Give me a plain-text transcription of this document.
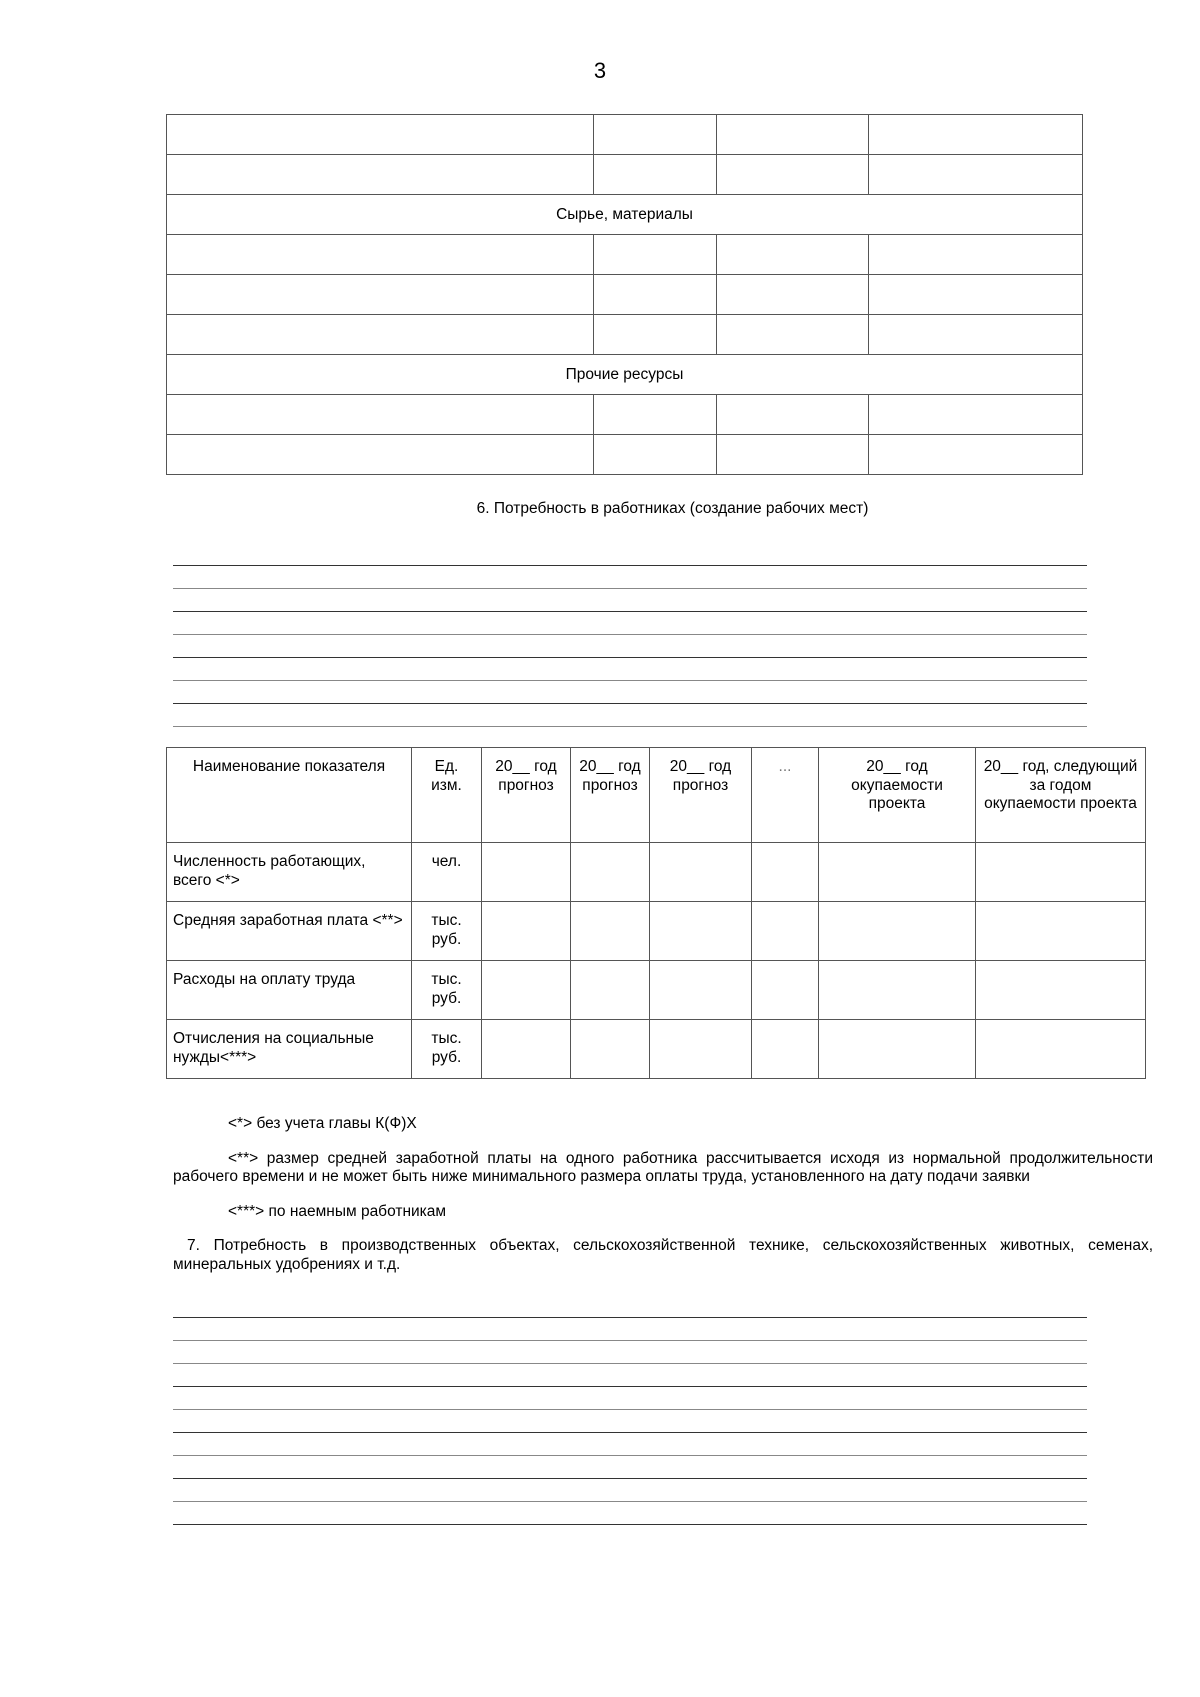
3

Сырье, материалы			

Прочие ресурсы			

6. Потребность в работниках (создание рабочих мест)
Наименование показателя	Ед. изм.	20__ год прогноз	20__ год прогноз	20__ год прогноз	...	20__ год окупаемости проекта	20__ год, следующий за годом окупаемости проекта
Численность работающих, всего <*>	чел.						
Средняя заработная плата <**>	тыс. руб.						
Расходы на оплату труда	тыс. руб.						
Отчисления на социальные нужды<***>	тыс. руб.						

<*> без учета главы К(Ф)Х

<**> размер средней заработной платы на одного работника рассчитывается исходя из нормальной продолжительности рабочего времени и не может быть ниже минимального размера оплаты труда, установленного на дату подачи заявки

<***> по наемным работникам

7. Потребность в производственных объектах, сельскохозяйственной технике, сельскохозяйственных животных, семенах, минеральных удобрениях и т.д.
